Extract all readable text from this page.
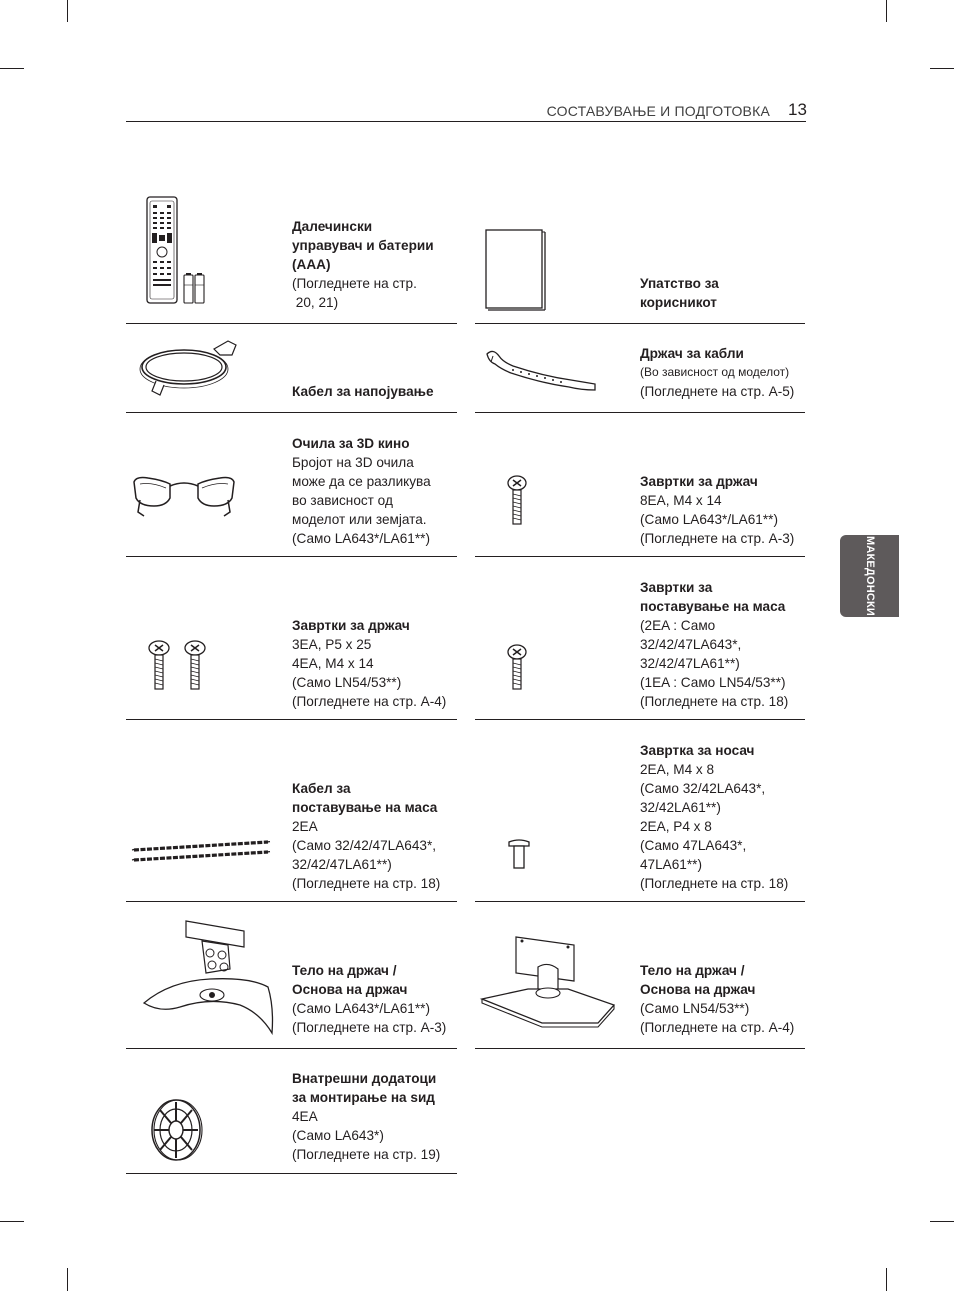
СОСТАВУВАЊЕ И ПОДГОТОВКА 13
МАКЕДОНСКИ
Далечински
управувач и батерии
(AAA)
(Погледнете на стр.
20, 21)
Упатство за
корисникот
Кабел за напојување
Држач за кабли
(Во зависност од моделот)
(Погледнете на стр. A-5)
Очила за 3D кино
Бројот на 3D очила
може да се разликува
во зависност од
моделот или земјата.
(Само LA643*/LA61**)
Завртки за држач
8EA, M4 x 14
(Само LA643*/LA61**)
(Погледнете на стр. A-3)
Завртки за држач
3EA, P5 x 25
4EA, M4 x 14
(Само LN54/53**)
(Погледнете на стр. A-4)
Завртки за
поставување на маса
(2EA : Само
32/42/47LA643*,
32/42/47LA61**)
(1EA : Само LN54/53**)
(Погледнете на стр. 18)
Кабел за
поставување на маса
2EA
(Само 32/42/47LA643*,
32/42/47LA61**)
(Погледнете на стр. 18)
Завртка за носач
2EA, M4 x 8
(Само 32/42LA643*,
32/42LA61**)
2EA, P4 x 8
(Само 47LA643*,
47LA61**)
(Погледнете на стр. 18)
Тело на држач /
Основа на држач
(Само LA643*/LA61**)
(Погледнете на стр. A-3)
Тело на држач /
Основа на држач
(Само LN54/53**)
(Погледнете на стр. A-4)
Внатрешни додатоци
за монтирање на ѕид
4EA
(Само LA643*)
(Погледнете на стр. 19)
